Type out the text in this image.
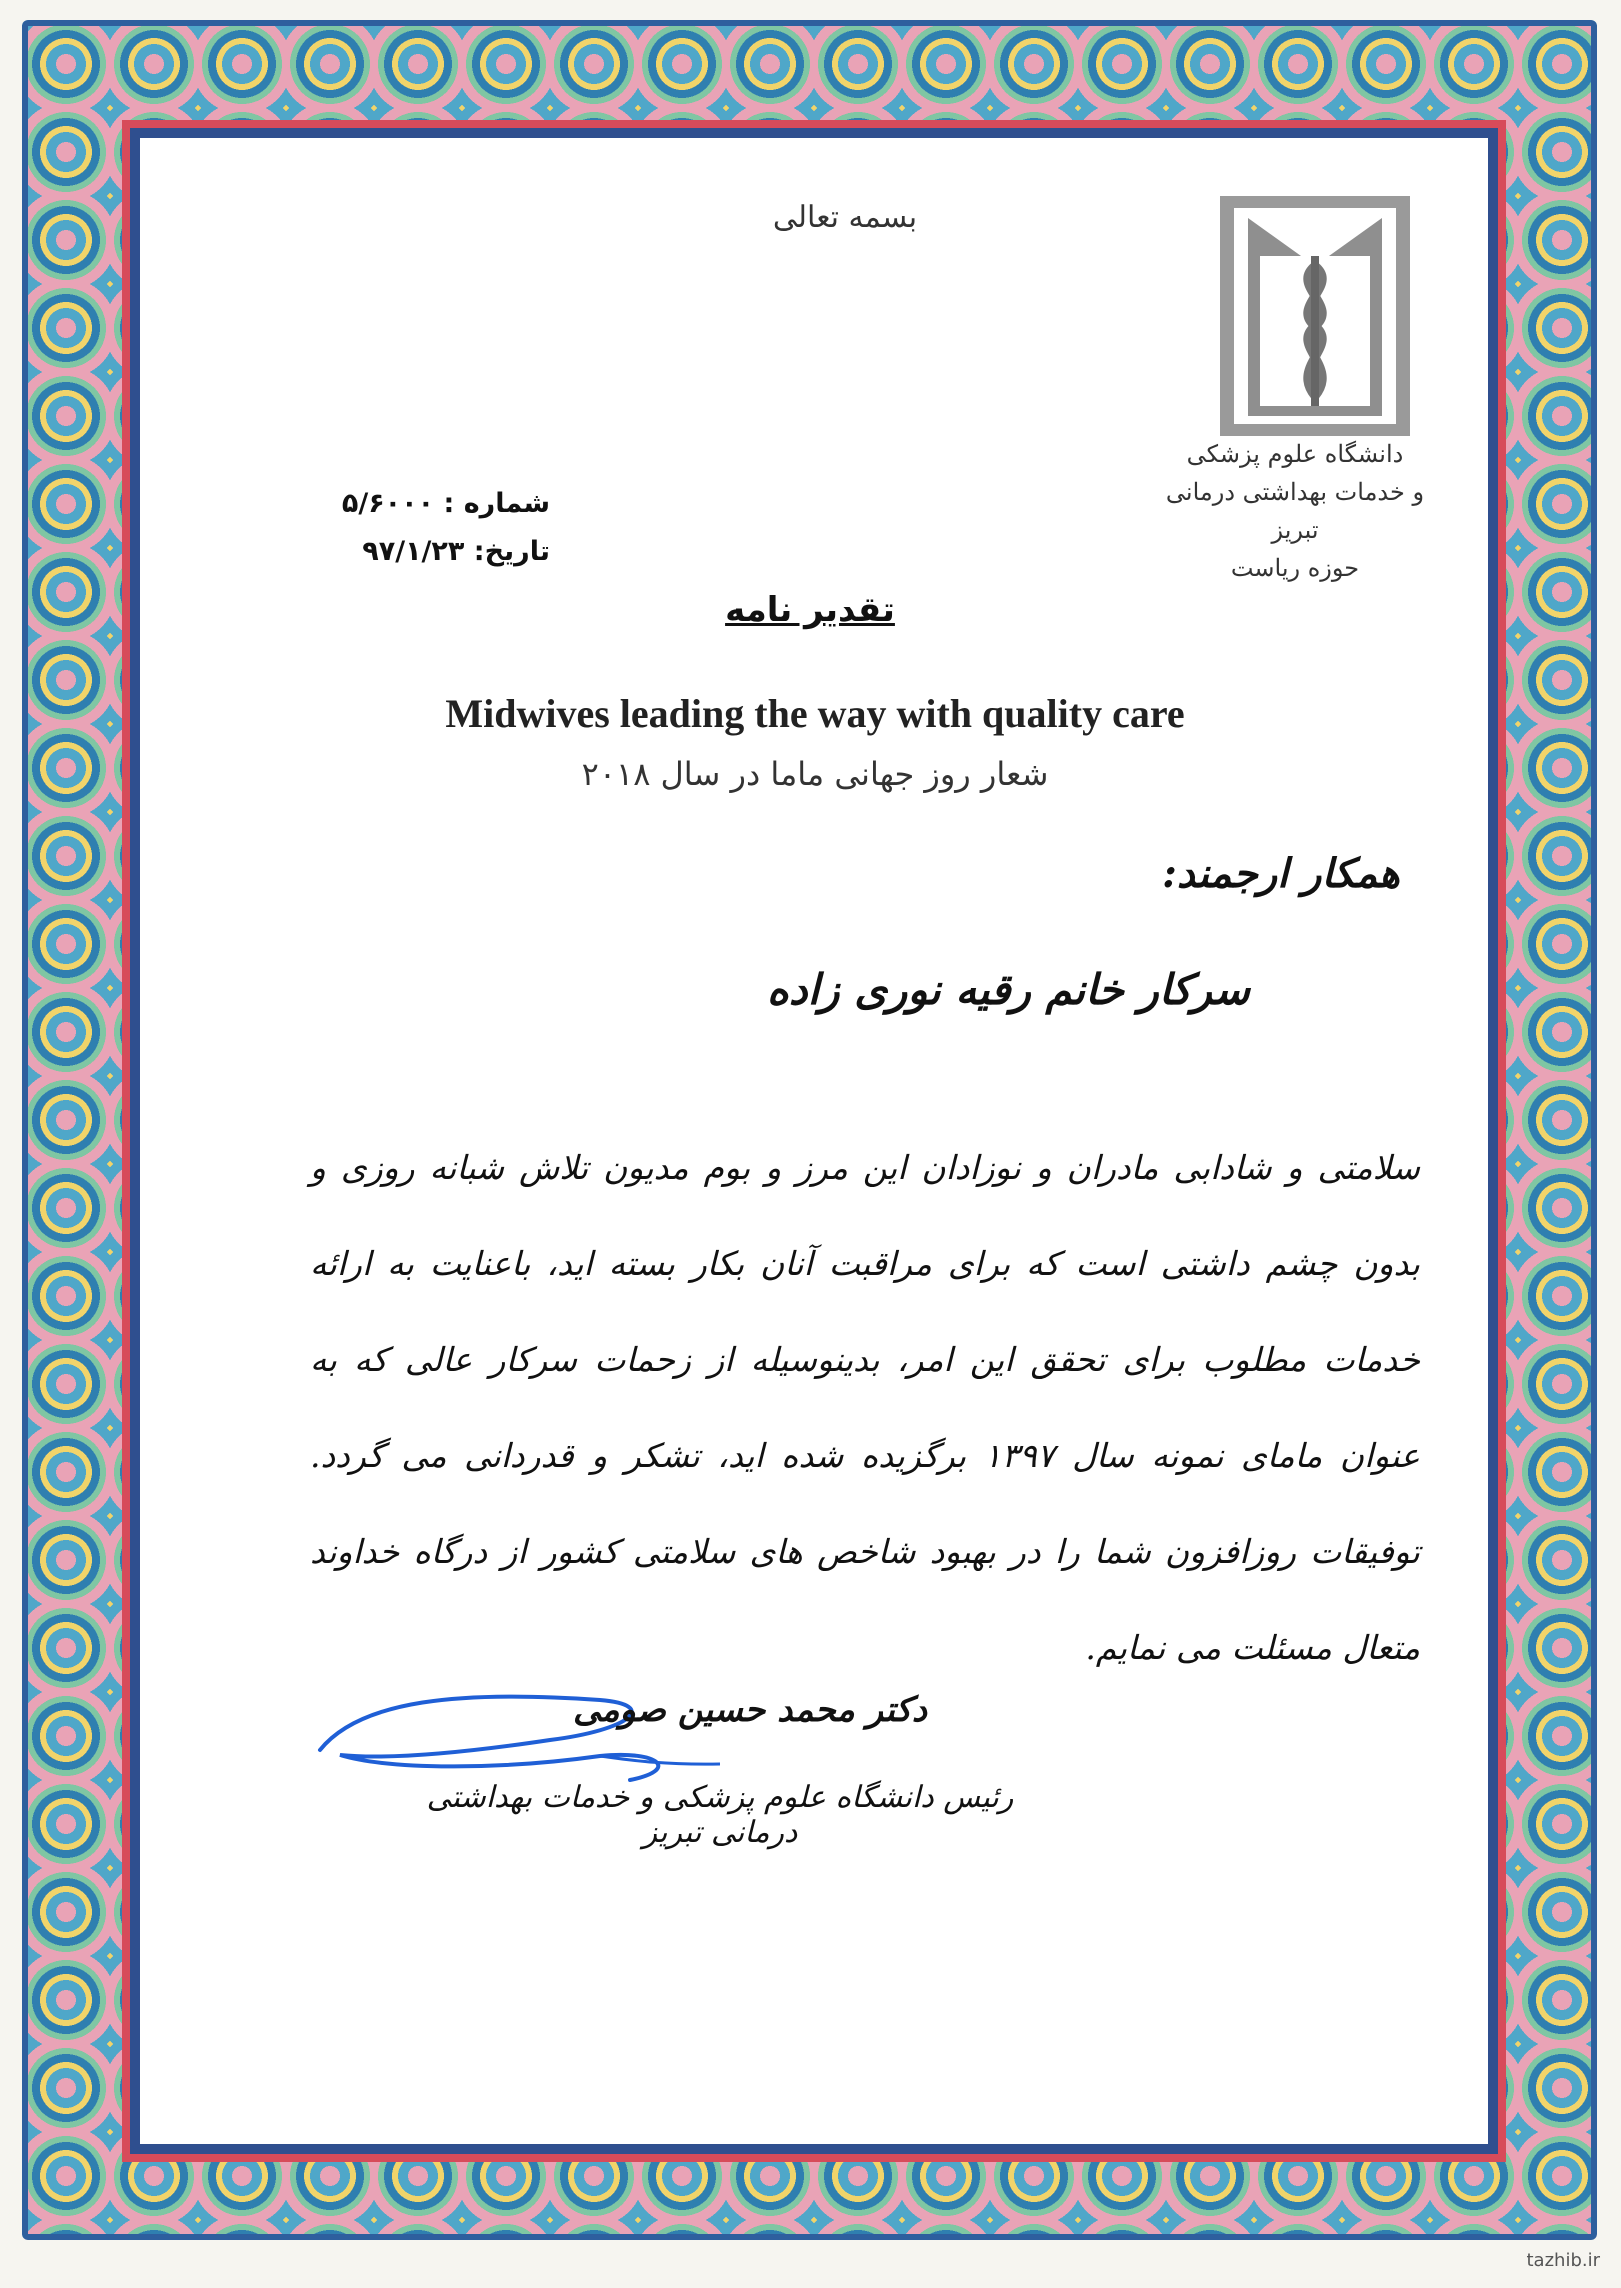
بسمه تعالی
دانشگاه علوم پزشکی
و خدمات بهداشتی درمانی تبریز
حوزه ریاست
شماره : ۵/۶۰۰۰
تاریخ: ۹۷/۱/۲۳
تقدیر نامه
Midwives leading the way with quality care
شعار روز جهانی ماما در سال ۲۰۱۸
همکار ارجمند:
سرکار خانم رقیه نوری زاده
سلامتی و شادابی مادران و نوزادان این مرز و بوم مدیون تلاش شبانه روزی و بدون چشم داشتی است که برای مراقبت آنان بکار بسته اید، باعنایت به ارائه خدمات مطلوب برای تحقق این امر، بدینوسیله از زحمات سرکار عالی که به عنوان مامای نمونه سال ۱۳۹۷ برگزیده شده اید، تشکر و قدردانی می گردد. توفیقات روزافزون شما را در بهبود شاخص های سلامتی کشور از درگاه خداوند متعال مسئلت می نمایم.
دکتر محمد حسین صومی
رئیس دانشگاه علوم پزشکی و خدمات بهداشتی درمانی تبریز
tazhib.ir
